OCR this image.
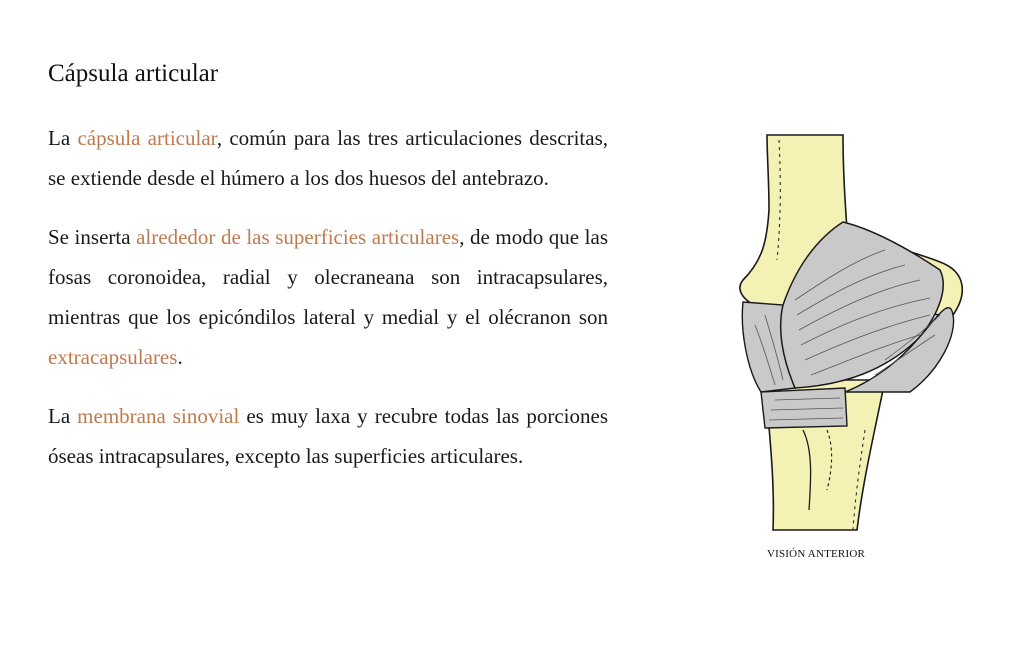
Cápsula articular

La cápsula articular, común para las tres articulaciones descritas, se extiende desde el húmero a los dos huesos del antebrazo.

Se inserta alrededor de las superficies articulares, de modo que las fosas coronoidea, radial y olecraneana son intracapsulares, mientras que los epicóndilos lateral y medial y el olécranon son extracapsulares.

La membrana sinovial es muy laxa y recubre todas las porciones óseas intracapsulares, excepto las superficies articulares.

VISIÓN ANTERIOR
